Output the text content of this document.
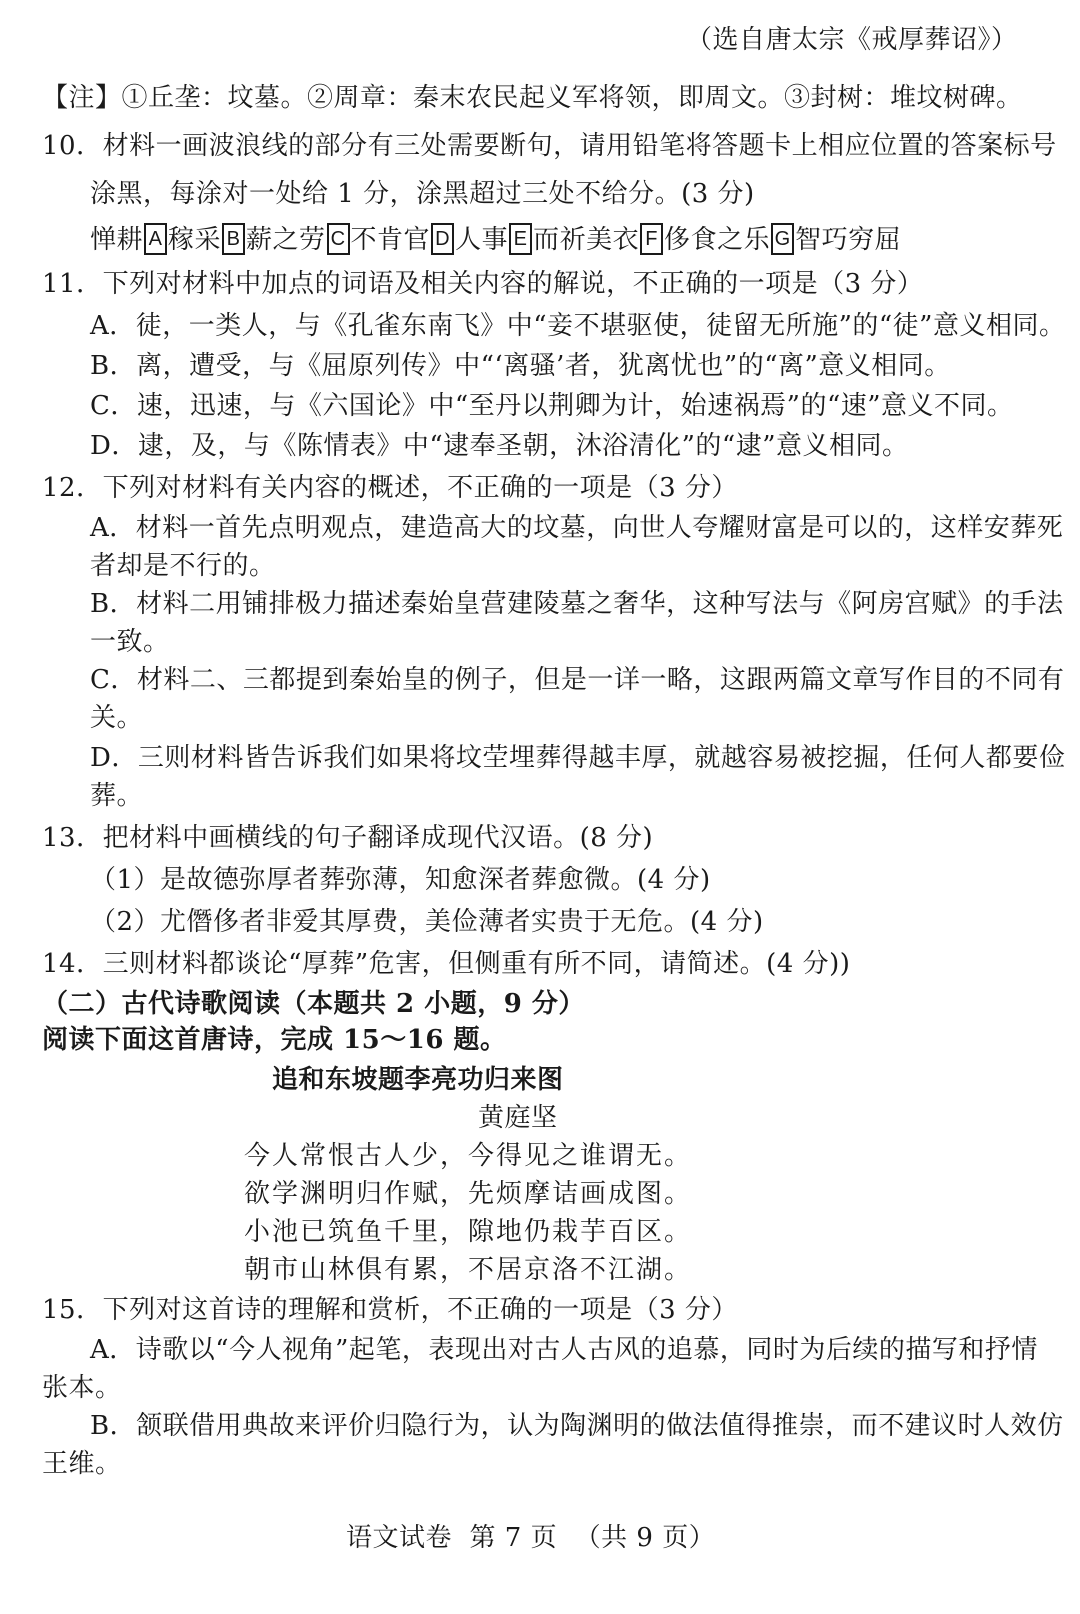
（选自唐太宗《戒厚葬诏》）
【注】①丘垄：坟墓。②周章：秦末农民起义军将领，即周文。③封树：堆坟树碑。
10．材料一画波浪线的部分有三处需要断句，请用铅笔将答题卡上相应位置的答案标号
涂黑，每涂对一处给 1 分，涂黑超过三处不给分。(3 分)
惮耕 A 稼采 B 薪之劳 C 不肯官 D 人事 E 而祈美衣 F 侈食之乐 G 智巧穷屈
11．下列对材料中加点的词语及相关内容的解说，不正确的一项是（3 分）
A．徒，一类人，与《孔雀东南飞》中“妾不堪驱使，徒留无所施”的“徒”意义相同。
B．离，遭受，与《屈原列传》中“‘离骚’者，犹离忧也”的“离”意义相同。
C．速，迅速，与《六国论》中“至丹以荆卿为计，始速祸焉”的“速”意义不同。
D．逮，及，与《陈情表》中“逮奉圣朝，沐浴清化”的“逮”意义相同。
12．下列对材料有关内容的概述，不正确的一项是（3 分）
A．材料一首先点明观点，建造高大的坟墓，向世人夸耀财富是可以的，这样安葬死
者却是不行的。
B．材料二用铺排极力描述秦始皇营建陵墓之奢华，这种写法与《阿房宫赋》的手法
一致。
C．材料二、三都提到秦始皇的例子，但是一详一略，这跟两篇文章写作目的不同有
关。
D．三则材料皆告诉我们如果将坟茔埋葬得越丰厚，就越容易被挖掘，任何人都要俭
葬。
13．把材料中画横线的句子翻译成现代汉语。(8 分)
（1）是故德弥厚者葬弥薄，知愈深者葬愈微。(4 分)
（2）尤僭侈者非爱其厚费，美俭薄者实贵于无危。(4 分)
14．三则材料都谈论“厚葬”危害，但侧重有所不同，请简述。(4 分))
（二）古代诗歌阅读（本题共 2 小题，9 分）
阅读下面这首唐诗，完成 15～16 题。
追和东坡题李亮功归来图
黄庭坚
今人常恨古人少，今得见之谁谓无。
欲学渊明归作赋，先烦摩诘画成图。
小池已筑鱼千里，隙地仍栽芋百区。
朝市山林俱有累，不居京洛不江湖。
15．下列对这首诗的理解和赏析，不正确的一项是（3 分）
A．诗歌以“今人视角”起笔，表现出对古人古风的追慕，同时为后续的描写和抒情
张本。
B．颔联借用典故来评价归隐行为，认为陶渊明的做法值得推崇，而不建议时人效仿
王维。
语文试卷  第 7 页  （共 9 页）
